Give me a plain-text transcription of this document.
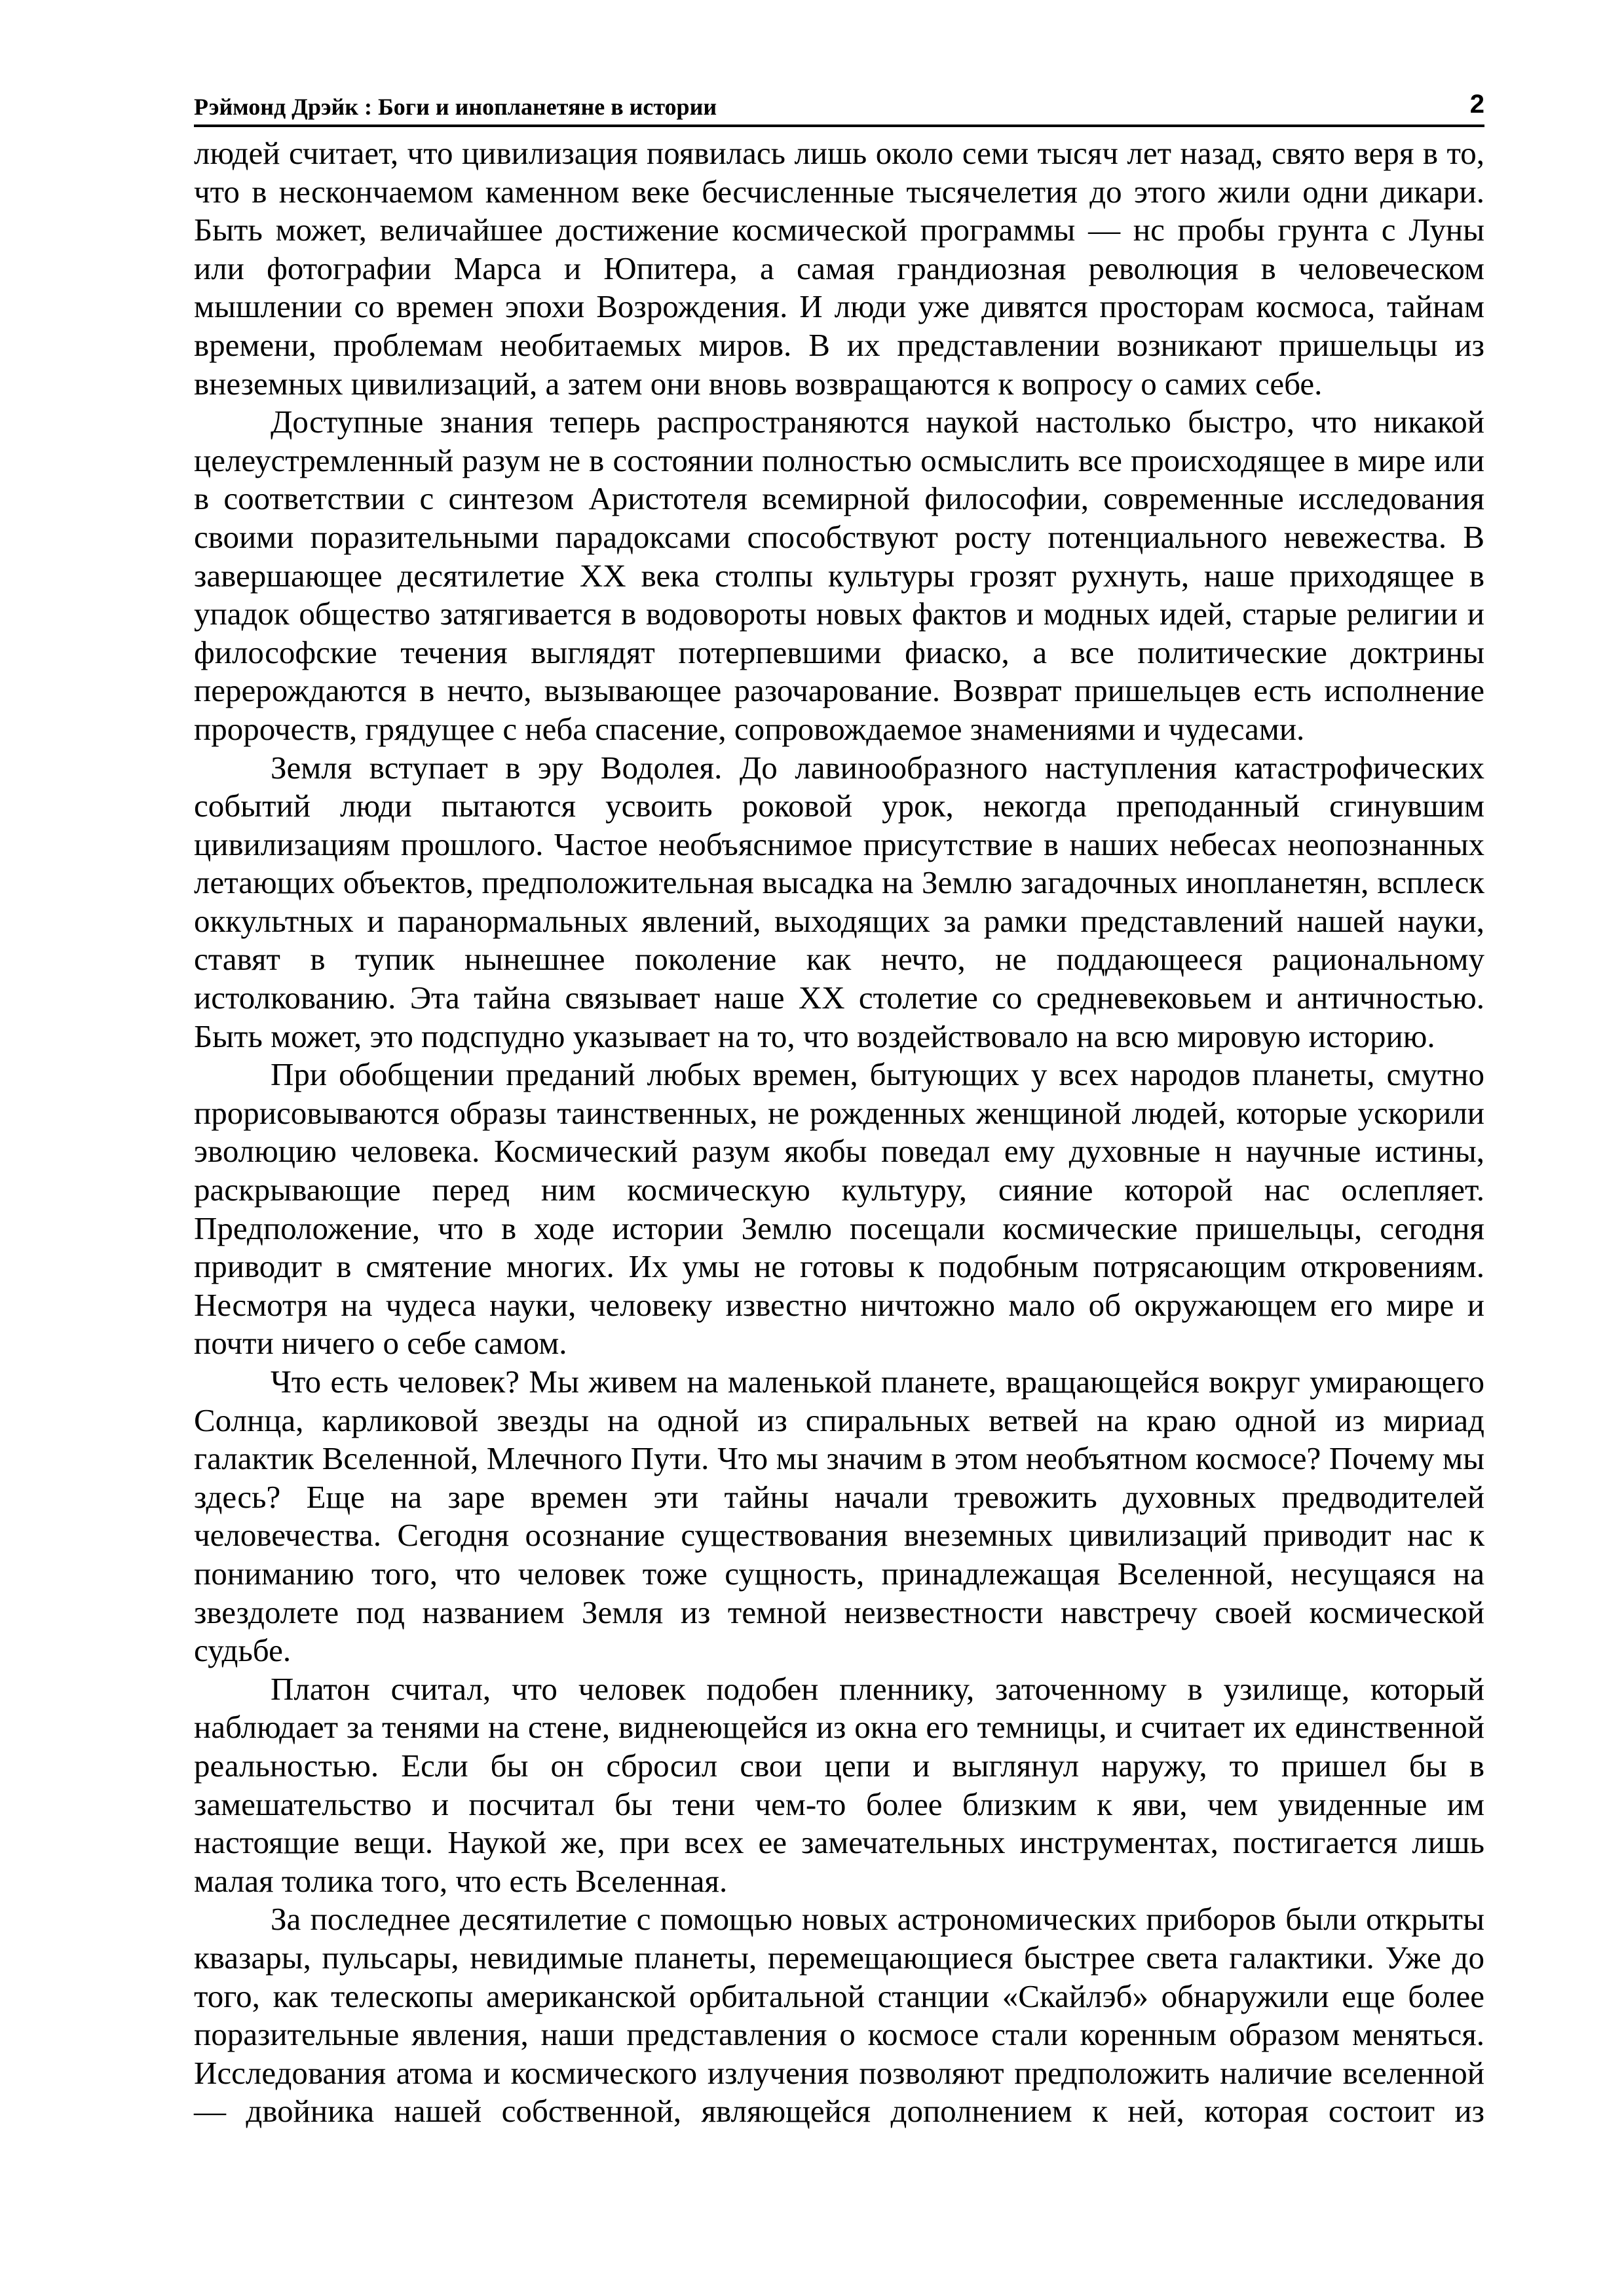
Рэймонд Дрэйк : Боги и инопланетяне в истории	2

людей считает, что цивилизация появилась лишь около семи тысяч лет назад, свято веря в то, что в нескончаемом каменном веке бесчисленные тысячелетия до этого жили одни дикари. Быть может, величайшее достижение космической программы — нс пробы грунта с Луны или фотографии Марса и Юпитера, а самая грандиозная революция в человеческом мышлении со времен эпохи Возрождения. И люди уже дивятся просторам космоса, тайнам времени, проблемам необитаемых миров. В их представлении возникают пришельцы из внеземных цивилизаций, а затем они вновь возвращаются к вопросу о самих себе.

Доступные знания теперь распространяются наукой настолько быстро, что никакой целеустремленный разум не в состоянии полностью осмыслить все происходящее в мире или в соответствии с синтезом Аристотеля всемирной философии, современные исследования своими поразительными парадоксами способствуют росту потенциального невежества. В завершающее десятилетие XX века столпы культуры грозят рухнуть, наше приходящее в упадок общество затягивается в водовороты новых фактов и модных идей, старые религии и философские течения выглядят потерпевшими фиаско, а все политические доктрины перерождаются в нечто, вызывающее разочарование. Возврат пришельцев есть исполнение пророчеств, грядущее с неба спасение, сопровождаемое знамениями и чудесами.

Земля вступает в эру Водолея. До лавинообразного наступления катастрофических событий люди пытаются усвоить роковой урок, некогда преподанный сгинувшим цивилизациям прошлого. Частое необъяснимое присутствие в наших небесах неопознанных летающих объектов, предположительная высадка на Землю загадочных инопланетян, всплеск оккультных и паранормальных явлений, выходящих за рамки представлений нашей науки, ставят в тупик нынешнее поколение как нечто, не поддающееся рациональному истолкованию. Эта тайна связывает наше XX столетие со средневековьем и античностью. Быть может, это подспудно указывает на то, что воздействовало на всю мировую историю.

При обобщении преданий любых времен, бытующих у всех народов планеты, смутно прорисовываются образы таинственных, не рожденных женщиной людей, которые ускорили эволюцию человека. Космический разум якобы поведал ему духовные н научные истины, раскрывающие перед ним космическую культуру, сияние которой нас ослепляет. Предположение, что в ходе истории Землю посещали космические пришельцы, сегодня приводит в смятение многих. Их умы не готовы к подобным потрясающим откровениям. Несмотря на чудеса науки, человеку известно ничтожно мало об окружающем его мире и почти ничего о себе самом.

Что есть человек? Мы живем на маленькой планете, вращающейся вокруг умирающего Солнца, карликовой звезды на одной из спиральных ветвей на краю одной из мириад галактик Вселенной, Млечного Пути. Что мы значим в этом необъятном космосе? Почему мы здесь? Еще на заре времен эти тайны начали тревожить духовных предводителей человечества. Сегодня осознание существования внеземных цивилизаций приводит нас к пониманию того, что человек тоже сущность, принадлежащая Вселенной, несущаяся на звездолете под названием Земля из темной неизвестности навстречу своей космической судьбе.

Платон считал, что человек подобен пленнику, заточенному в узилище, который наблюдает за тенями на стене, виднеющейся из окна его темницы, и считает их единственной реальностью. Если бы он сбросил свои цепи и выглянул наружу, то пришел бы в замешательство и посчитал бы тени чем-то более близким к яви, чем увиденные им настоящие вещи. Наукой же, при всех ее замечательных инструментах, постигается лишь малая толика того, что есть Вселенная.

За последнее десятилетие с помощью новых астрономических приборов были открыты квазары, пульсары, невидимые планеты, перемещающиеся быстрее света галактики. Уже до того, как телескопы американской орбитальной станции «Скайлэб» обнаружили еще более поразительные явления, наши представления о космосе стали коренным образом меняться. Исследования атома и космического излучения позволяют предположить наличие вселенной — двойника нашей собственной, являющейся дополнением к ней, которая состоит из
